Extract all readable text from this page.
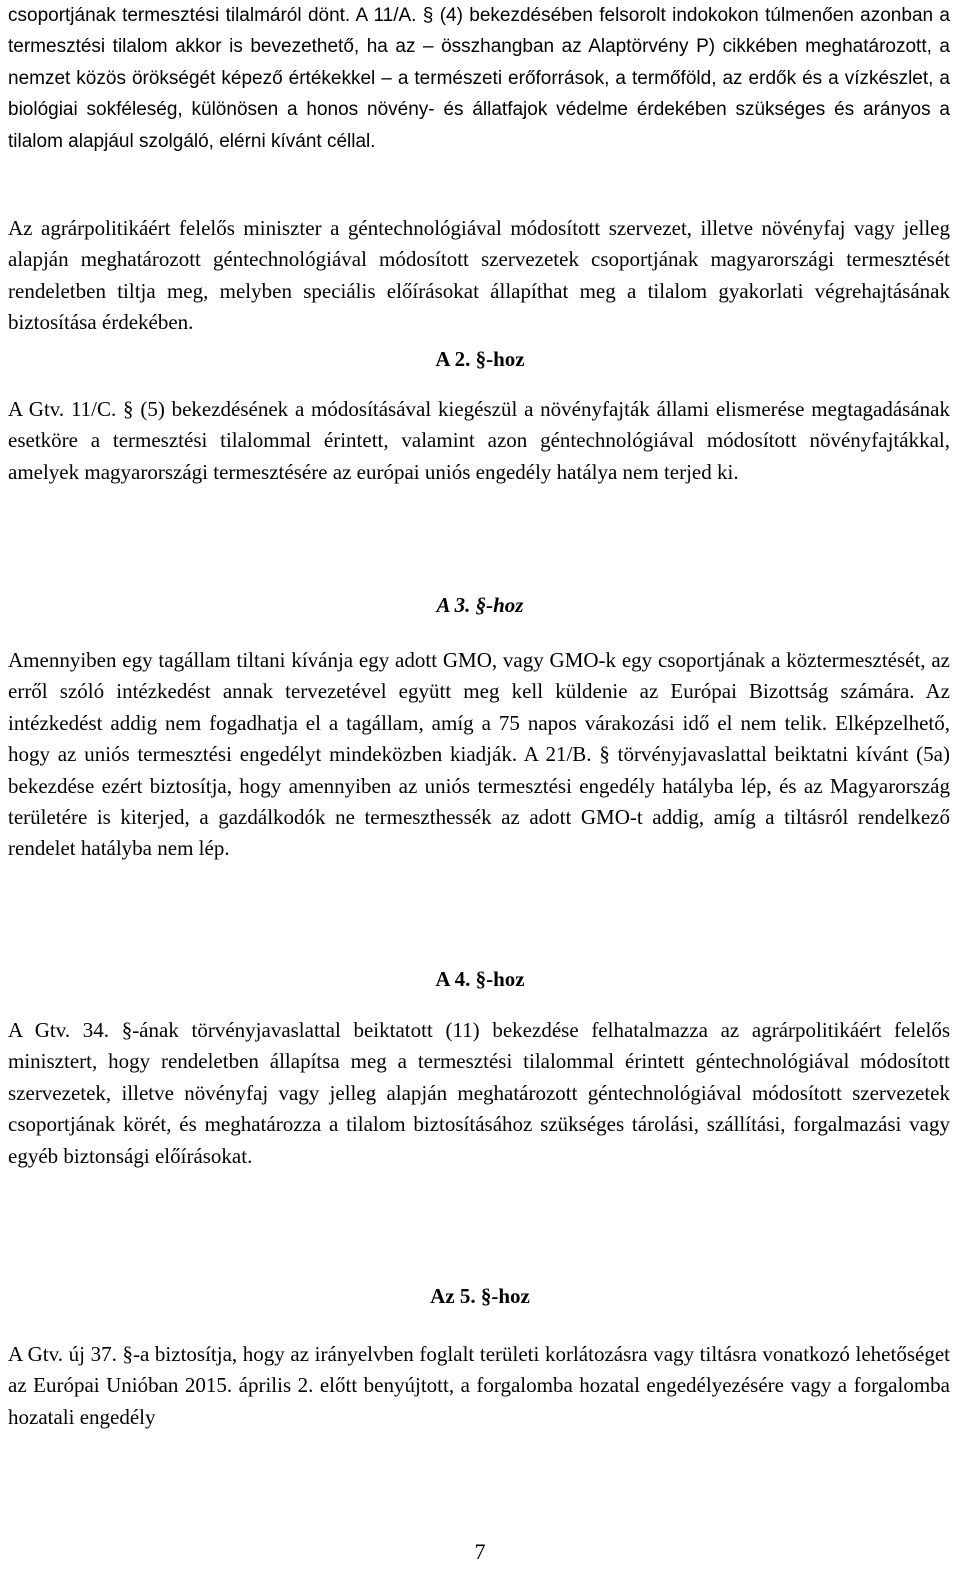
csoportjának termesztési tilalmáról dönt. A 11/A. § (4) bekezdésében felsorolt indokokon túlmenően azonban a termesztési tilalom akkor is bevezethető, ha az – összhangban az Alaptörvény P) cikkében meghatározott, a nemzet közös örökségét képező értékekkel – a természeti erőforrások, a termőföld, az erdők és a vízkészlet, a biológiai sokféleség, különösen a honos növény- és állatfajok védelme érdekében szükséges és arányos a tilalom alapjául szolgáló, elérni kívánt céllal.

Az agrárpolitikáért felelős miniszter a géntechnológiával módosított szervezet, illetve növényfaj vagy jelleg alapján meghatározott géntechnológiával módosított szervezetek csoportjának magyarországi termesztését rendeletben tiltja meg, melyben speciális előírásokat állapíthat meg a tilalom gyakorlati végrehajtásának biztosítása érdekében.

A 2. §-hoz

A Gtv. 11/C. § (5) bekezdésének a módosításával kiegészül a növényfajták állami elismerése megtagadásának esetköre a termesztési tilalommal érintett, valamint azon géntechnológiával módosított növényfajtákkal, amelyek magyarországi termesztésére az európai uniós engedély hatálya nem terjed ki.

A 3. §-hoz

Amennyiben egy tagállam tiltani kívánja egy adott GMO, vagy GMO-k egy csoportjának a köztermesztését, az erről szóló intézkedést annak tervezetével együtt meg kell küldenie az Európai Bizottság számára. Az intézkedést addig nem fogadhatja el a tagállam, amíg a 75 napos várakozási idő el nem telik. Elképzelhető, hogy az uniós termesztési engedélyt mindeközben kiadják. A 21/B. § törvényjavaslattal beiktatni kívánt (5a) bekezdése ezért biztosítja, hogy amennyiben az uniós termesztési engedély hatályba lép, és az Magyarország területére is kiterjed, a gazdálkodók ne termeszthessék az adott GMO-t addig, amíg a tiltásról rendelkező rendelet hatályba nem lép.

A 4. §-hoz

A Gtv. 34. §-ának törvényjavaslattal beiktatott (11) bekezdése felhatalmazza az agrárpolitikáért felelős minisztert, hogy rendeletben állapítsa meg a termesztési tilalommal érintett géntechnológiával módosított szervezetek, illetve növényfaj vagy jelleg alapján meghatározott géntechnológiával módosított szervezetek csoportjának körét, és meghatározza a tilalom biztosításához szükséges tárolási, szállítási, forgalmazási vagy egyéb biztonsági előírásokat.

Az 5. §-hoz

A Gtv. új 37. §-a biztosítja, hogy az irányelvben foglalt területi korlátozásra vagy tiltásra vonatkozó lehetőséget az Európai Unióban 2015. április 2. előtt benyújtott, a forgalomba hozatal engedélyezésére vagy a forgalomba hozatali engedély

7
